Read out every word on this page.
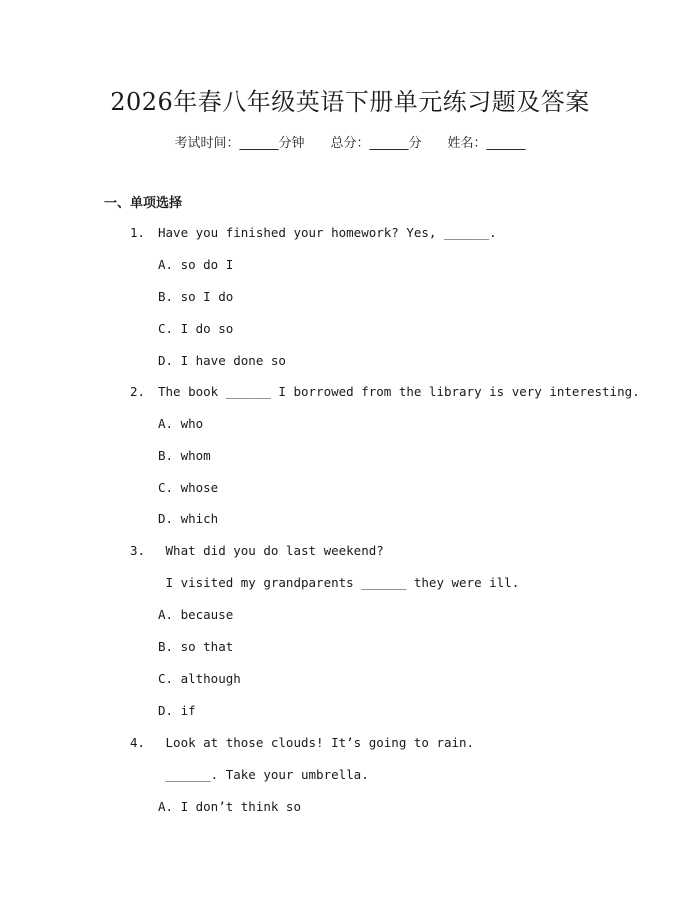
2026年春八年级英语下册单元练习题及答案
考试时间：______分钟 总分：______分 姓名：______
一、单项选择
1. Have you finished your homework? Yes, ______.
A. so do I
B. so I do
C. I do so
D. I have done so
2. The book ______ I borrowed from the library is very interesting.
A. who
B. whom
C. whose
D. which
3. What did you do last weekend?
I visited my grandparents ______ they were ill.
A. because
B. so that
C. although
D. if
4. Look at those clouds! It’s going to rain.
______. Take your umbrella.
A. I don’t think so
